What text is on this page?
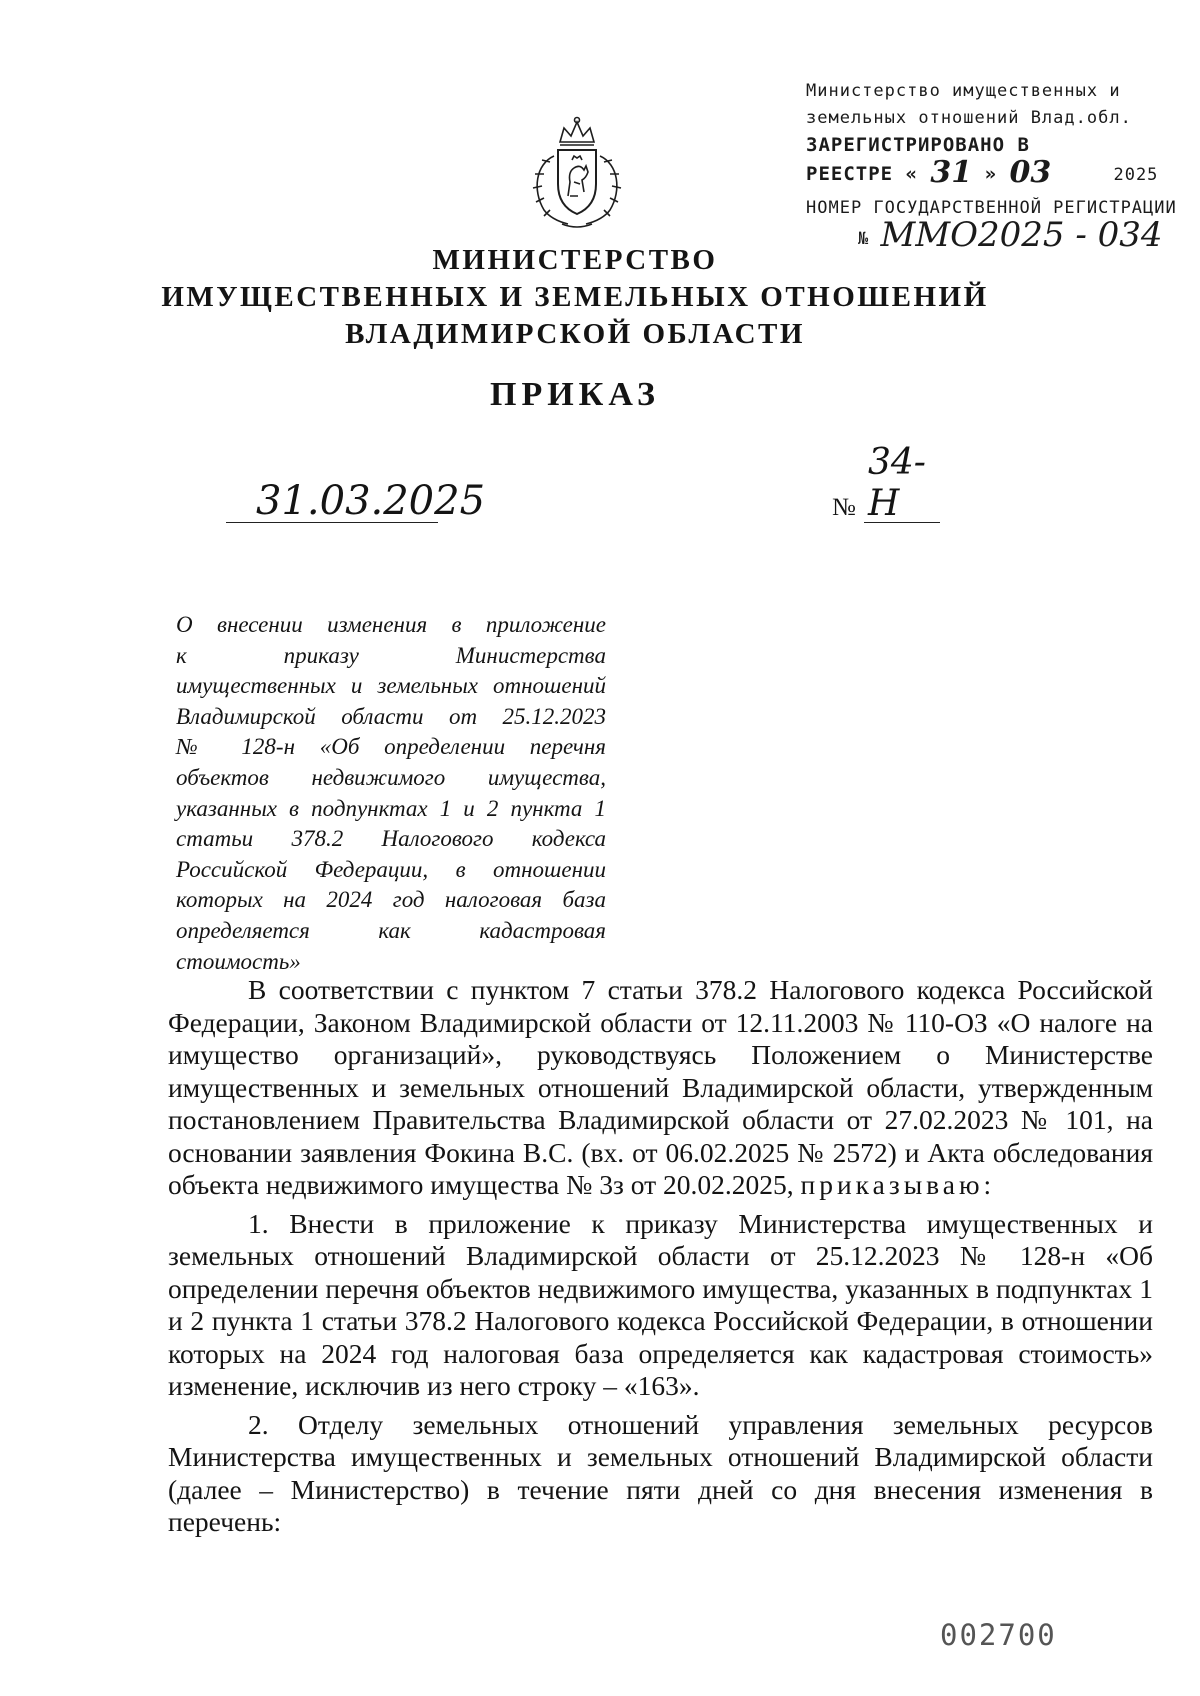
Министерство имущественных и
земельных отношений Влад.обл.
ЗАРЕГИСТРИРОВАНО В
РЕЕСТРЕ « 31 » 03	2025
НОМЕР ГОСУДАРСТВЕННОЙ РЕГИСТРАЦИИ
№ ММО2025 - 034
МИНИСТЕРСТВО
ИМУЩЕСТВЕННЫХ И ЗЕМЕЛЬНЫХ ОТНОШЕНИЙ
ВЛАДИМИРСКОЙ ОБЛАСТИ
ПРИКАЗ
31.03.2025	№
34-Н
О внесении изменения в приложение
к приказу Министерства
имущественных и земельных отношений
Владимирской области от 25.12.2023
№ 128-н «Об определении перечня
объектов недвижимого имущества,
указанных в подпунктах 1 и 2 пункта 1
статьи 378.2 Налогового кодекса
Российской Федерации, в отношении
которых на 2024 год налоговая база
определяется как кадастровая
стоимость»

В соответствии с пунктом 7 статьи 378.2 Налогового кодекса Российской Федерации, Законом Владимирской области от 12.11.2003 № 110-ОЗ «О налоге на имущество организаций», руководствуясь Положением о Министерстве имущественных и земельных отношений Владимирской области, утвержденным постановлением Правительства Владимирской области от 27.02.2023 № 101, на основании заявления Фокина В.С. (вх. от 06.02.2025 № 2572) и Акта обследования объекта недвижимого имущества № 3з от 20.02.2025, приказываю:

1. Внести в приложение к приказу Министерства имущественных и земельных отношений Владимирской области от 25.12.2023 № 128-н «Об определении перечня объектов недвижимого имущества, указанных в подпунктах 1 и 2 пункта 1 статьи 378.2 Налогового кодекса Российской Федерации, в отношении которых на 2024 год налоговая база определяется как кадастровая стоимость» изменение, исключив из него строку – «163».

2. Отделу земельных отношений управления земельных ресурсов Министерства имущественных и земельных отношений Владимирской области (далее – Министерство) в течение пяти дней со дня внесения изменения в перечень:

002700
